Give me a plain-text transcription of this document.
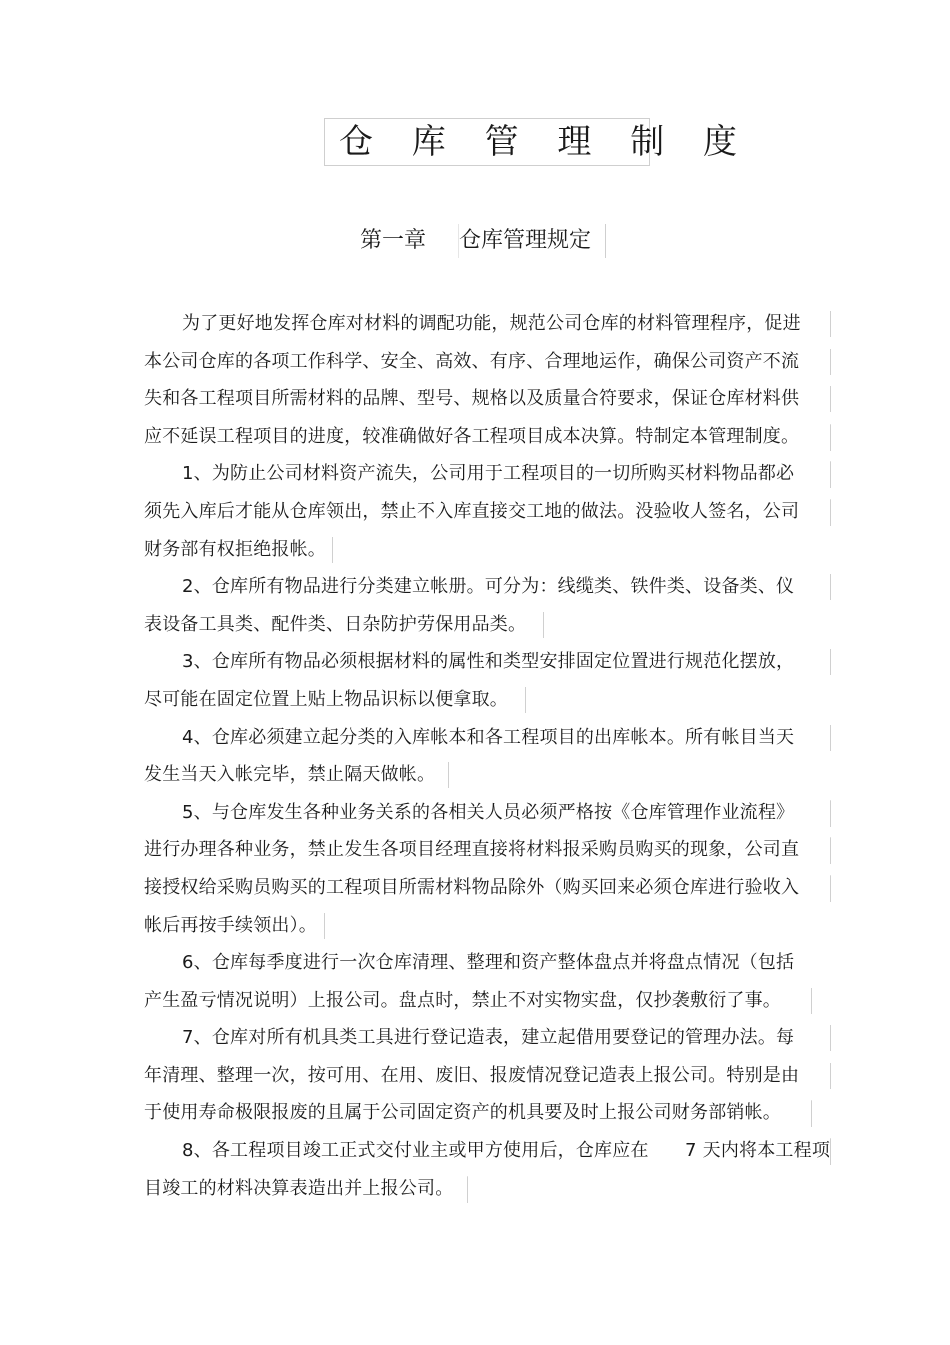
仓 库 管 理 制 度
第一章 仓库管理规定
为了更好地发挥仓库对材料的调配功能，规范公司仓库的材料管理程序，促进
本公司仓库的各项工作科学、安全、高效、有序、合理地运作，确保公司资产不流
失和各工程项目所需材料的品牌、型号、规格以及质量合符要求，保证仓库材料供
应不延误工程项目的进度，较准确做好各工程项目成本决算。特制定本管理制度。
1、为防止公司材料资产流失，公司用于工程项目的一切所购买材料物品都必
须先入库后才能从仓库领出，禁止不入库直接交工地的做法。没验收人签名，公司
财务部有权拒绝报帐。
2、仓库所有物品进行分类建立帐册。可分为：线缆类、铁件类、设备类、仪
表设备工具类、配件类、日杂防护劳保用品类。
3、仓库所有物品必须根据材料的属性和类型安排固定位置进行规范化摆放，
尽可能在固定位置上贴上物品识标以便拿取。
4、仓库必须建立起分类的入库帐本和各工程项目的出库帐本。所有帐目当天
发生当天入帐完毕，禁止隔天做帐。
5、与仓库发生各种业务关系的各相关人员必须严格按《仓库管理作业流程》
进行办理各种业务，禁止发生各项目经理直接将材料报采购员购买的现象，公司直
接授权给采购员购买的工程项目所需材料物品除外（购买回来必须仓库进行验收入
帐后再按手续领出）。
6、仓库每季度进行一次仓库清理、整理和资产整体盘点并将盘点情况（包括
产生盈亏情况说明）上报公司。盘点时，禁止不对实物实盘，仅抄袭敷衍了事。
7、仓库对所有机具类工具进行登记造表，建立起借用要登记的管理办法。每
年清理、整理一次，按可用、在用、废旧、报废情况登记造表上报公司。特别是由
于使用寿命极限报废的且属于公司固定资产的机具要及时上报公司财务部销帐。
8、各工程项目竣工正式交付业主或甲方使用后，仓库应在　　7 天内将本工程项
目竣工的材料决算表造出并上报公司。
